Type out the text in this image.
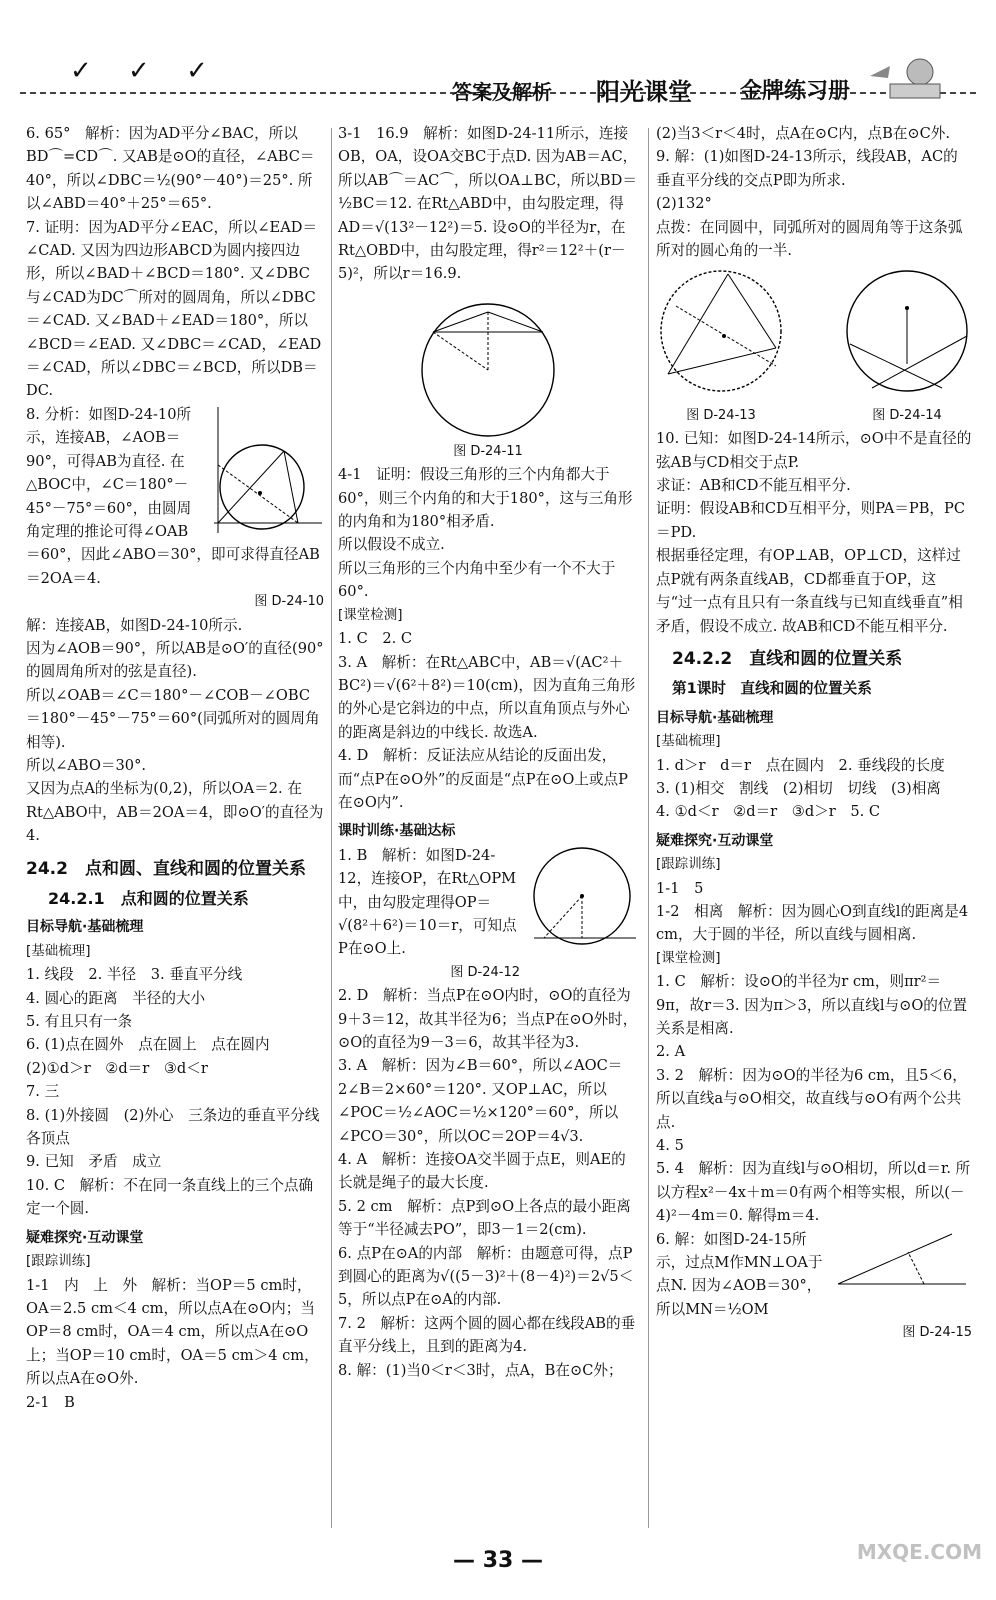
✓ ✓ ✓
答案及解析 阳光课堂 金牌练习册

6. 65°　解析：因为AD平分∠BAC，所以BD⌒=CD⌒. 又AB是⊙O的直径，∠ABC＝40°，所以∠DBC＝½(90°－40°)＝25°. 所以∠ABD＝40°＋25°＝65°.

7. 证明：因为AD平分∠EAC，所以∠EAD＝∠CAD. 又因为四边形ABCD为圆内接四边形，所以∠BAD＋∠BCD＝180°. 又∠DBC与∠CAD为DC⌒所对的圆周角，所以∠DBC＝∠CAD. 又∠BAD＋∠EAD＝180°，所以∠BCD＝∠EAD. 又∠DBC＝∠CAD，∠EAD＝∠CAD，所以∠DBC＝∠BCD，所以DB＝DC.

8. 分析：如图D-24-10所示，连接AB，∠AOB＝90°，可得AB为直径. 在△BOC中，∠C＝180°－45°－75°＝60°，由圆周角定理的推论可得∠OAB＝60°，因此∠ABO＝30°，即可求得直径AB＝2OA＝4.

图 D-24-10

解：连接AB，如图D-24-10所示.

因为∠AOB＝90°，所以AB是⊙O′的直径(90°的圆周角所对的弦是直径).

所以∠OAB＝∠C＝180°－∠COB－∠OBC＝180°－45°－75°＝60°(同弧所对的圆周角相等).

所以∠ABO＝30°.

又因为点A的坐标为(0,2)，所以OA＝2. 在Rt△ABO中，AB＝2OA＝4，即⊙O′的直径为4.

24.2　点和圆、直线和圆的位置关系
24.2.1　点和圆的位置关系
目标导航·基础梳理
[基础梳理]

1. 线段　2. 半径　3. 垂直平分线

4. 圆心的距离　半径的大小

5. 有且只有一条

6. (1)点在圆外　点在圆上　点在圆内

(2)①d＞r　②d＝r　③d＜r

7. 三

8. (1)外接圆　(2)外心　三条边的垂直平分线　各顶点

9. 已知　矛盾　成立

10. C　解析：不在同一条直线上的三个点确定一个圆.

疑难探究·互动课堂
[跟踪训练]

1-1　内　上　外　解析：当OP＝5 cm时，OA＝2.5 cm＜4 cm，所以点A在⊙O内；当OP＝8 cm时，OA＝4 cm，所以点A在⊙O上；当OP＝10 cm时，OA＝5 cm＞4 cm，所以点A在⊙O外.

2-1　B

3-1　16.9　解析：如图D-24-11所示，连接OB，OA，设OA交BC于点D. 因为AB＝AC，所以AB⌒＝AC⌒，所以OA⊥BC，所以BD＝½BC＝12. 在Rt△ABD中，由勾股定理，得AD＝√(13²－12²)＝5. 设⊙O的半径为r，在Rt△OBD中，由勾股定理，得r²＝12²＋(r－5)²，所以r＝16.9.

图 D-24-11

4-1　证明：假设三角形的三个内角都大于60°，则三个内角的和大于180°，这与三角形的内角和为180°相矛盾.

所以假设不成立.

所以三角形的三个内角中至少有一个不大于60°.

[课堂检测]

1. C　2. C

3. A　解析：在Rt△ABC中，AB＝√(AC²＋BC²)＝√(6²＋8²)＝10(cm)，因为直角三角形的外心是它斜边的中点，所以直角顶点与外心的距离是斜边的中线长. 故选A.

4. D　解析：反证法应从结论的反面出发，而“点P在⊙O外”的反面是“点P在⊙O上或点P在⊙O内”.

课时训练·基础达标

1. B　解析：如图D-24-12，连接OP，在Rt△OPM中，由勾股定理得OP＝√(8²＋6²)＝10＝r，可知点P在⊙O上.

图 D-24-12

2. D　解析：当点P在⊙O内时，⊙O的直径为9＋3＝12，故其半径为6；当点P在⊙O外时，⊙O的直径为9－3＝6，故其半径为3.

3. A　解析：因为∠B＝60°，所以∠AOC＝2∠B＝2×60°＝120°. 又OP⊥AC，所以∠POC＝½∠AOC＝½×120°＝60°，所以∠PCO＝30°，所以OC＝2OP＝4√3.

4. A　解析：连接OA交半圆于点E，则AE的长就是绳子的最大长度.

5. 2 cm　解析：点P到⊙O上各点的最小距离等于“半径减去PO”，即3－1＝2(cm).

6. 点P在⊙A的内部　解析：由题意可得，点P到圆心的距离为√((5－3)²＋(8－4)²)＝2√5＜5，所以点P在⊙A的内部.

7. 2　解析：这两个圆的圆心都在线段AB的垂直平分线上，且到的距离为4.

8. 解：(1)当0＜r＜3时，点A，B在⊙C外；

(2)当3＜r＜4时，点A在⊙C内，点B在⊙C外.

9. 解：(1)如图D-24-13所示，线段AB，AC的垂直平分线的交点P即为所求.

(2)132°

点拨：在同圆中，同弧所对的圆周角等于这条弧所对的圆心角的一半.

图 D-24-13	图 D-24-14

10. 已知：如图D-24-14所示，⊙O中不是直径的弦AB与CD相交于点P.

求证：AB和CD不能互相平分.

证明：假设AB和CD互相平分，则PA＝PB，PC＝PD.

根据垂径定理，有OP⊥AB，OP⊥CD，这样过点P就有两条直线AB，CD都垂直于OP，这与“过一点有且只有一条直线与已知直线垂直”相矛盾，假设不成立. 故AB和CD不能互相平分.

24.2.2　直线和圆的位置关系
第1课时　直线和圆的位置关系
目标导航·基础梳理
[基础梳理]

1. d＞r　d＝r　点在圆内　2. 垂线段的长度

3. (1)相交　割线　(2)相切　切线　(3)相离

4. ①d＜r　②d＝r　③d＞r　5. C

疑难探究·互动课堂
[跟踪训练]

1-1　5

1-2　相离　解析：因为圆心O到直线l的距离是4 cm，大于圆的半径，所以直线与圆相离.

[课堂检测]

1. C　解析：设⊙O的半径为r cm，则πr²＝9π，故r＝3. 因为π＞3，所以直线l与⊙O的位置关系是相离.

2. A

3. 2　解析：因为⊙O的半径为6 cm，且5＜6，所以直线a与⊙O相交，故直线与⊙O有两个公共点.

4. 5

5. 4　解析：因为直线l与⊙O相切，所以d＝r. 所以方程x²－4x＋m＝0有两个相等实根，所以(－4)²－4m＝0. 解得m＝4.

6. 解：如图D-24-15所示，过点M作MN⊥OA于点N. 因为∠AOB＝30°，所以MN＝½OM

图 D-24-15
— 33 —	MXQE.COM
